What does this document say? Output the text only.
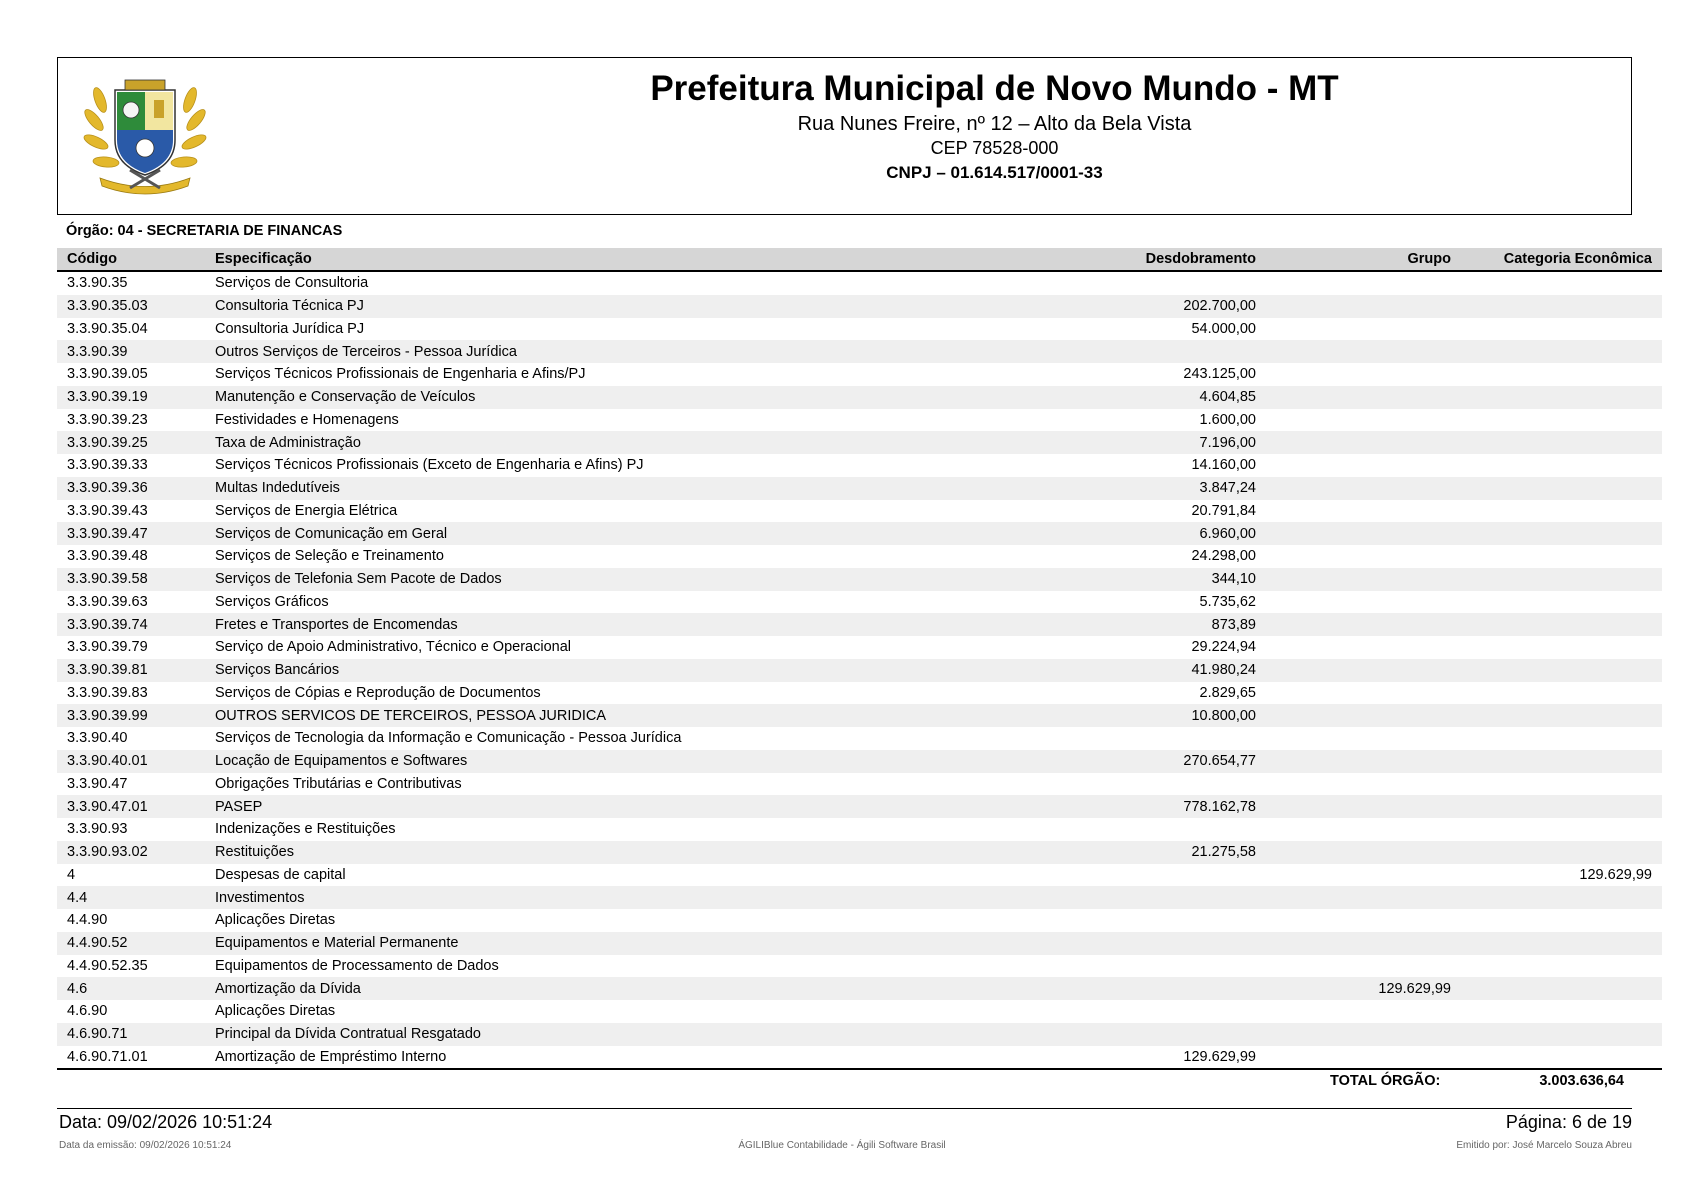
Prefeitura Municipal de Novo Mundo - MT
Rua Nunes Freire, nº 12 – Alto da Bela Vista
CEP 78528-000
CNPJ – 01.614.517/0001-33
Órgão: 04 - SECRETARIA DE FINANCAS
Código	Especificação	Desdobramento	Grupo	Categoria Econômica
3.3.90.35	Serviços de Consultoria			
3.3.90.35.03	Consultoria Técnica PJ	202.700,00		
3.3.90.35.04	Consultoria Jurídica PJ	54.000,00		
3.3.90.39	Outros Serviços de Terceiros - Pessoa Jurídica			
3.3.90.39.05	Serviços Técnicos Profissionais de Engenharia e Afins/PJ	243.125,00		
3.3.90.39.19	Manutenção e Conservação de Veículos	4.604,85		
3.3.90.39.23	Festividades e Homenagens	1.600,00		
3.3.90.39.25	Taxa de Administração	7.196,00		
3.3.90.39.33	Serviços Técnicos Profissionais (Exceto de Engenharia e Afins) PJ	14.160,00		
3.3.90.39.36	Multas Indedutíveis	3.847,24		
3.3.90.39.43	Serviços de Energia Elétrica	20.791,84		
3.3.90.39.47	Serviços de Comunicação em Geral	6.960,00		
3.3.90.39.48	Serviços de Seleção e Treinamento	24.298,00		
3.3.90.39.58	Serviços de Telefonia Sem Pacote de Dados	344,10		
3.3.90.39.63	Serviços Gráficos	5.735,62		
3.3.90.39.74	Fretes e Transportes de Encomendas	873,89		
3.3.90.39.79	Serviço de Apoio Administrativo, Técnico e Operacional	29.224,94		
3.3.90.39.81	Serviços Bancários	41.980,24		
3.3.90.39.83	Serviços de Cópias e Reprodução de Documentos	2.829,65		
3.3.90.39.99	OUTROS SERVICOS DE TERCEIROS, PESSOA JURIDICA	10.800,00		
3.3.90.40	Serviços de Tecnologia da Informação e Comunicação - Pessoa Jurídica			
3.3.90.40.01	Locação de Equipamentos e Softwares	270.654,77		
3.3.90.47	Obrigações Tributárias e Contributivas			
3.3.90.47.01	PASEP	778.162,78		
3.3.90.93	Indenizações e Restituições			
3.3.90.93.02	Restituições	21.275,58		
4	Despesas de capital			129.629,99
4.4	Investimentos			
4.4.90	Aplicações Diretas			
4.4.90.52	Equipamentos e Material Permanente			
4.4.90.52.35	Equipamentos de Processamento de Dados			
4.6	Amortização da Dívida		129.629,99	
4.6.90	Aplicações Diretas			
4.6.90.71	Principal da Dívida Contratual Resgatado			
4.6.90.71.01	Amortização de Empréstimo Interno	129.629,99		
TOTAL ÓRGÃO:	3.003.636,64
Data: 09/02/2026 10:51:24	Página: 6 de 19
Data da emissão: 09/02/2026 10:51:24	ÁGILIBlue Contabilidade - Ágili Software Brasil	Emitido por: José Marcelo Souza Abreu
